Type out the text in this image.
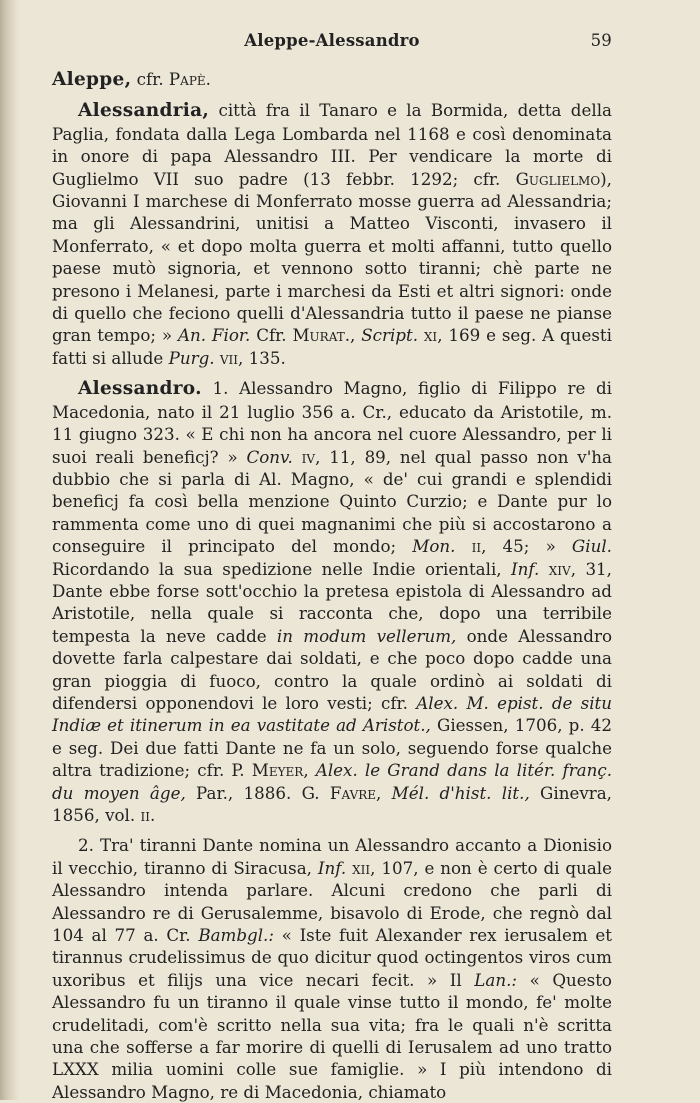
Aleppe-Alessandro	59
Aleppe, cfr. Papè.
Alessandria, città fra il Tanaro e la Bormida, detta della Paglia, fondata dalla Lega Lombarda nel 1168 e così denominata in onore di papa Alessandro III. Per vendicare la morte di Guglielmo VII suo padre (13 febbr. 1292; cfr. Guglielmo), Giovanni I marchese di Monferrato mosse guerra ad Alessandria; ma gli Alessandrini, unitisi a Matteo Visconti, invasero il Monferrato, « et dopo molta guerra et molti affanni, tutto quello paese mutò signoria, et vennono sotto tiranni; chè parte ne presono i Melanesi, parte i marchesi da Esti et altri signori: onde di quello che feciono quelli d'Alessandria tutto il paese ne pianse gran tempo; » An. Fior. Cfr. Murat., Script. xi, 169 e seg. A questi fatti si allude Purg. vii, 135.
Alessandro. 1. Alessandro Magno, figlio di Filippo re di Macedonia, nato il 21 luglio 356 a. Cr., educato da Aristotile, m. 11 giugno 323. « E chi non ha ancora nel cuore Alessandro, per li suoi reali beneficj? » Conv. iv, 11, 89, nel qual passo non v'ha dubbio che si parla di Al. Magno, « de' cui grandi e splendidi beneficj fa così bella menzione Quinto Curzio; e Dante pur lo rammenta come uno di quei magnanimi che più si accostarono a conseguire il principato del mondo; Mon. ii, 45; » Giul. Ricordando la sua spedizione nelle Indie orientali, Inf. xiv, 31, Dante ebbe forse sott'occhio la pretesa epistola di Alessandro ad Aristotile, nella quale si racconta che, dopo una terribile tempesta la neve cadde in modum vellerum, onde Alessandro dovette farla calpestare dai soldati, e che poco dopo cadde una gran pioggia di fuoco, contro la quale ordinò ai soldati di difendersi opponendovi le loro vesti; cfr. Alex. M. epist. de situ Indiæ et itinerum in ea vastitate ad Aristot., Giessen, 1706, p. 42 e seg. Dei due fatti Dante ne fa un solo, seguendo forse qualche altra tradizione; cfr. P. Meyer, Alex. le Grand dans la litér. franç. du moyen âge, Par., 1886. G. Favre, Mél. d'hist. lit., Ginevra, 1856, vol. ii.
2. Tra' tiranni Dante nomina un Alessandro accanto a Dionisio il vecchio, tiranno di Siracusa, Inf. xii, 107, e non è certo di quale Alessandro intenda parlare. Alcuni credono che parli di Alessandro re di Gerusalemme, bisavolo di Erode, che regnò dal 104 al 77 a. Cr. Bambgl.: « Iste fuit Alexander rex ierusalem et tirannus crudelissimus de quo dicitur quod octingentos viros cum uxoribus et filijs una vice necari fecit. » Il Lan.: « Questo Alessandro fu un tiranno il quale vinse tutto il mondo, fe' molte crudelitadi, com'è scritto nella sua vita; fra le quali n'è scritta una che sofferse a far morire di quelli di Ierusalem ad uno tratto LXXX milia uomini colle sue famiglie. » I più intendono di Alessandro Magno, re di Macedonia, chiamato
